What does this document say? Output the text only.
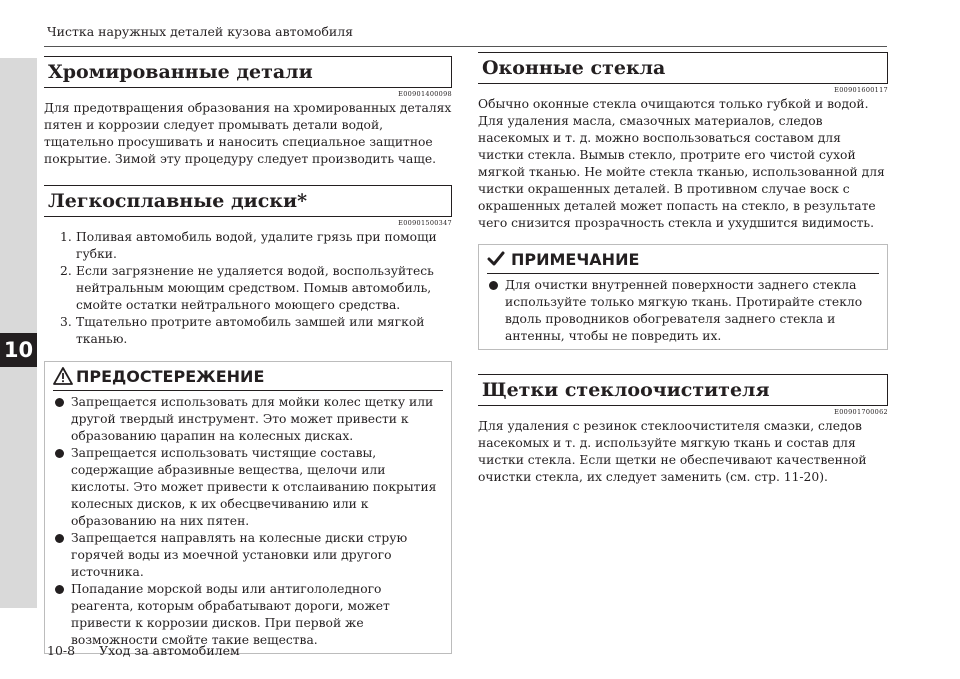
Чистка наружных деталей кузова автомобиля
10
Хромированные детали
E00901400098

Для предотвращения образования на хромированных деталях пятен и коррозии следует промывать детали водой, тщательно просушивать и наносить специальное защитное покрытие. Зимой эту процедуру следует производить чаще.

Легкосплавные диски*
E00901500347
1. Поливая автомобиль водой, удалите грязь при помощи губки.
2. Если загрязнение не удаляется водой, воспользуйтесь нейтральным моющим средством. Помыв автомобиль, смойте остатки нейтрального моющего средства.
3. Тщательно протрите автомобиль замшей или мягкой тканью.
ПРЕДОСТЕРЕЖЕНИЕ
Запрещается использовать для мойки колес щетку или другой твердый инструмент. Это может привести к образованию царапин на колесных дисках.
Запрещается использовать чистящие составы, содержащие абразивные вещества, щелочи или кислоты. Это может привести к отслаиванию покрытия колесных дисков, к их обесцвечиванию или к образованию на них пятен.
Запрещается направлять на колесные диски струю горячей воды из моечной установки или другого источника.
Попадание морской воды или антигололедного реагента, которым обрабатывают дороги, может привести к коррозии дисков. При первой же возможности смойте такие вещества.
Оконные стекла
E00901600117

Обычно оконные стекла очищаются только губкой и водой. Для удаления масла, смазочных материалов, следов насекомых и т. д. можно воспользоваться составом для чистки стекла. Вымыв стекло, протрите его чистой сухой мягкой тканью. Не мойте стекла тканью, использованной для чистки окрашенных деталей. В противном случае воск с окрашенных деталей может попасть на стекло, в результате чего снизится прозрачность стекла и ухудшится видимость.

ПРИМЕЧАНИЕ
Для очистки внутренней поверхности заднего стекла используйте только мягкую ткань. Протирайте стекло вдоль проводников обогревателя заднего стекла и антенны, чтобы не повредить их.
Щетки стеклоочистителя
E00901700062

Для удаления с резинок стеклоочистителя смазки, следов насекомых и т. д. используйте мягкую ткань и состав для чистки стекла. Если щетки не обеспечивают качественной очистки стекла, их следует заменить (см. стр. 11-20).

10-8 Уход за автомобилем
